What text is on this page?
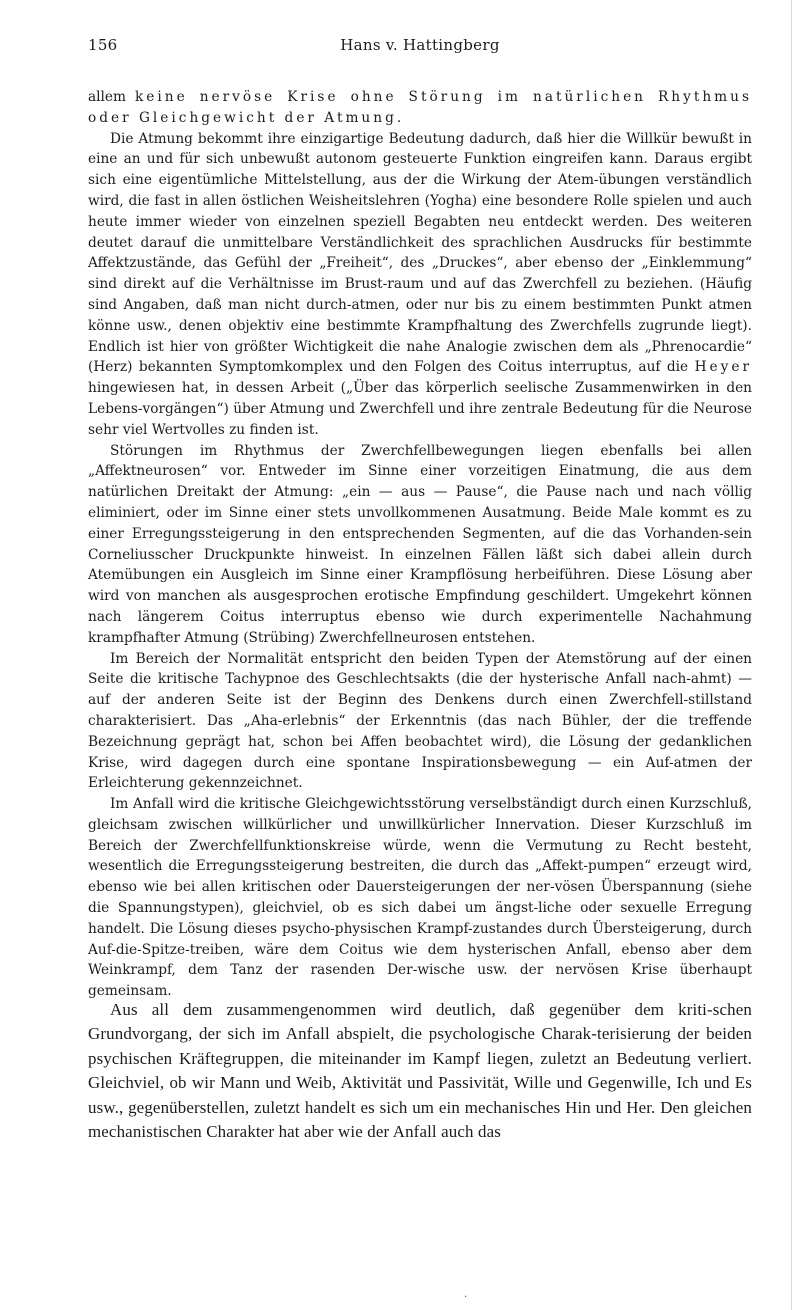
156	Hans v. Hattingberg

allem keine nervöse Krise ohne Störung im natürlichen Rhythmus oder Gleichgewicht der Atmung.

Die Atmung bekommt ihre einzigartige Bedeutung dadurch, daß hier die Willkür bewußt in eine an und für sich unbewußt autonom gesteuerte Funktion eingreifen kann. Daraus ergibt sich eine eigentümliche Mittelstellung, aus der die Wirkung der Atem-übungen verständlich wird, die fast in allen östlichen Weisheitslehren (Yogha) eine besondere Rolle spielen und auch heute immer wieder von einzelnen speziell Begabten neu entdeckt werden. Des weiteren deutet darauf die unmittelbare Verständlichkeit des sprachlichen Ausdrucks für bestimmte Affektzustände, das Gefühl der „Freiheit“, des „Druckes“, aber ebenso der „Einklemmung“ sind direkt auf die Verhältnisse im Brust-raum und auf das Zwerchfell zu beziehen. (Häufig sind Angaben, daß man nicht durch-atmen, oder nur bis zu einem bestimmten Punkt atmen könne usw., denen objektiv eine bestimmte Krampfhaltung des Zwerchfells zugrunde liegt). Endlich ist hier von größter Wichtigkeit die nahe Analogie zwischen dem als „Phrenocardie“ (Herz) bekannten Symptomkomplex und den Folgen des Coitus interruptus, auf die Heyer hingewiesen hat, in dessen Arbeit („Über das körperlich seelische Zusammenwirken in den Lebens-vorgängen“) über Atmung und Zwerchfell und ihre zentrale Bedeutung für die Neurose sehr viel Wertvolles zu finden ist.

Störungen im Rhythmus der Zwerchfellbewegungen liegen ebenfalls bei allen „Affektneurosen“ vor. Entweder im Sinne einer vorzeitigen Einatmung, die aus dem natürlichen Dreitakt der Atmung: „ein — aus — Pause“, die Pause nach und nach völlig eliminiert, oder im Sinne einer stets unvollkommenen Ausatmung. Beide Male kommt es zu einer Erregungssteigerung in den entsprechenden Segmenten, auf die das Vorhanden-sein Corneliusscher Druckpunkte hinweist. In einzelnen Fällen läßt sich dabei allein durch Atemübungen ein Ausgleich im Sinne einer Krampflösung herbeiführen. Diese Lösung aber wird von manchen als ausgesprochen erotische Empfindung geschildert. Umgekehrt können nach längerem Coitus interruptus ebenso wie durch experimentelle Nachahmung krampfhafter Atmung (Strübing) Zwerchfellneurosen entstehen.

Im Bereich der Normalität entspricht den beiden Typen der Atemstörung auf der einen Seite die kritische Tachypnoe des Geschlechtsakts (die der hysterische Anfall nach-ahmt) — auf der anderen Seite ist der Beginn des Denkens durch einen Zwerchfell-stillstand charakterisiert. Das „Aha-erlebnis“ der Erkenntnis (das nach Bühler, der die treffende Bezeichnung geprägt hat, schon bei Affen beobachtet wird), die Lösung der gedanklichen Krise, wird dagegen durch eine spontane Inspirationsbewegung — ein Auf-atmen der Erleichterung gekennzeichnet.

Im Anfall wird die kritische Gleichgewichtsstörung verselbständigt durch einen Kurzschluß, gleichsam zwischen willkürlicher und unwillkürlicher Innervation. Dieser Kurzschluß im Bereich der Zwerchfellfunktionskreise würde, wenn die Vermutung zu Recht besteht, wesentlich die Erregungssteigerung bestreiten, die durch das „Affekt-pumpen“ erzeugt wird, ebenso wie bei allen kritischen oder Dauersteigerungen der ner-vösen Überspannung (siehe die Spannungstypen), gleichviel, ob es sich dabei um ängst-liche oder sexuelle Erregung handelt. Die Lösung dieses psycho-physischen Krampf-zustandes durch Übersteigerung, durch Auf-die-Spitze-treiben, wäre dem Coitus wie dem hysterischen Anfall, ebenso aber dem Weinkrampf, dem Tanz der rasenden Der-wische usw. der nervösen Krise überhaupt gemeinsam.

Aus all dem zusammengenommen wird deutlich, daß gegenüber dem kriti-schen Grundvorgang, der sich im Anfall abspielt, die psychologische Charak-terisierung der beiden psychischen Kräftegruppen, die miteinander im Kampf liegen, zuletzt an Bedeutung verliert. Gleichviel, ob wir Mann und Weib, Aktivität und Passivität, Wille und Gegenwille, Ich und Es usw., gegenüberstellen, zuletzt handelt es sich um ein mechanisches Hin und Her. Den gleichen mechanistischen Charakter hat aber wie der Anfall auch das

·
